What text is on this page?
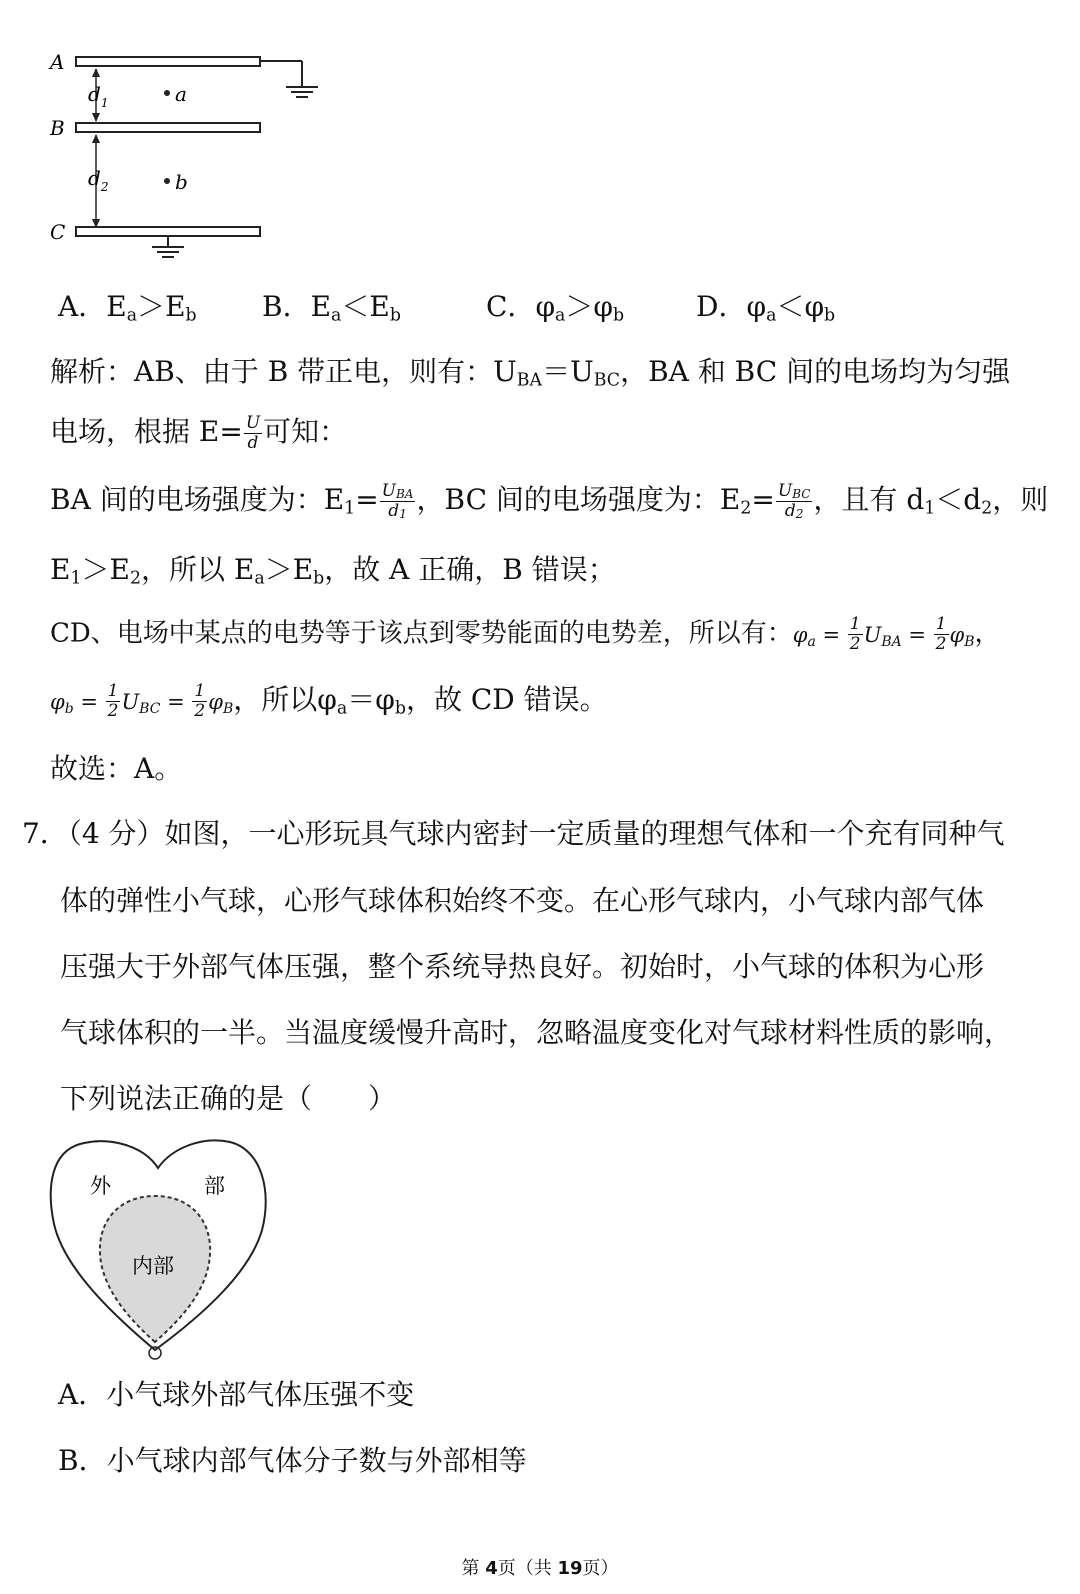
A
$d_1$	a
B
$d_2$	b
C
A．$E_a>E_b$ B．$E_a<E_b$	C．$\varphi_a>\varphi_b$	D．$\varphi_a<\varphi_b$
解析：AB、由于 B 带正电，则有：$U_{BA}=U_{BC}$，BA 和 BC 间的电场均为匀强
电场，根据 $E= \frac{U}{d}$ 可知：
BA 间的电场强度为：$E_1= \frac{\text{UBA}}{d1}$ ，BC 间的电场强度为：$E_2= \frac{\text{UBC}}{d2}$ ，且有 $d_1<d_2$，则
$E_1>E_2$，所以 $E_a>E_b$，故 A 正确，B 错误；
CD、电场中某点的电势等于该点到零势能面的电势差，所以有：$\varphi a = \frac{1}{2}$ UBA = $\frac{1}{2}$ φB，
$\varphi b = \frac{1}{2}$ UBC = $\frac{1}{2}$ φB，所以$\varphi_a=\varphi_b$，故 CD 错误。
故选：A。
7．（4 分）如图，一心形玩具气球内密封一定质量的理想气体和一个充有同种气
体的弹性小气球，心形气球体积始终不变。在心形气球内，小气球内部气体
压强大于外部气体压强，整个系统导热良好。初始时，小气球的体积为心形
气球体积的一半。当温度缓慢升高时，忽略温度变化对气球材料性质的影响，
下列说法正确的是（　　）
外	部
内部
A．小气球外部气体压强不变
B．小气球内部气体分子数与外部相等
第 4页（共 19页）
